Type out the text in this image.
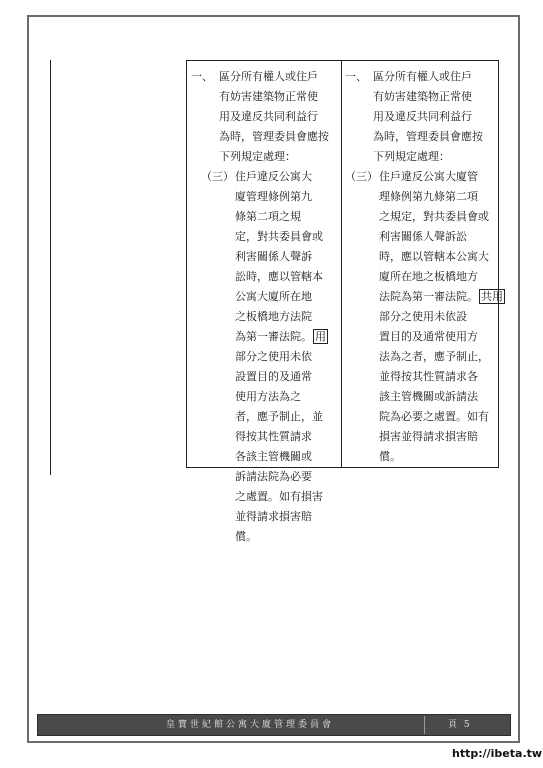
一、 區分所有權人或住戶
有妨害建築物正常使
用及違反共同利益行
為時，管理委員會應按
下列規定處理：
（三） 住戶違反公寓大
廈管理條例第九
條第二項之規
定，對共委員會或
利害關係人聲訴
訟時，應以管轄本
公寓大廈所在地
之板橋地方法院
為第一審法院。 用
部分之使用未依
設置目的及通常
使用方法為之
者，應予制止，並
得按其性質請求
各該主管機關或
訴請法院為必要
之處置。如有損害
並得請求損害賠
償。
一、 區分所有權人或住戶
有妨害建築物正常使
用及違反共同利益行
為時，管理委員會應按
下列規定處理：
（三） 住戶違反公寓大廈管
理條例第九條第二項
之規定，對共委員會或
利害關係人聲訴訟
時，應以管轄本公寓大
廈所在地之板橋地方
法院為第一審法院。 共用
部分之使用未依設
置目的及通常使用方
法為之者，應予制止，
並得按其性質請求各
該主管機關或訴請法
院為必要之處置。如有
損害並得請求損害賠
償。
皇寶世紀館公寓大廈管理委員會	頁 5
http://ibeta.tw
